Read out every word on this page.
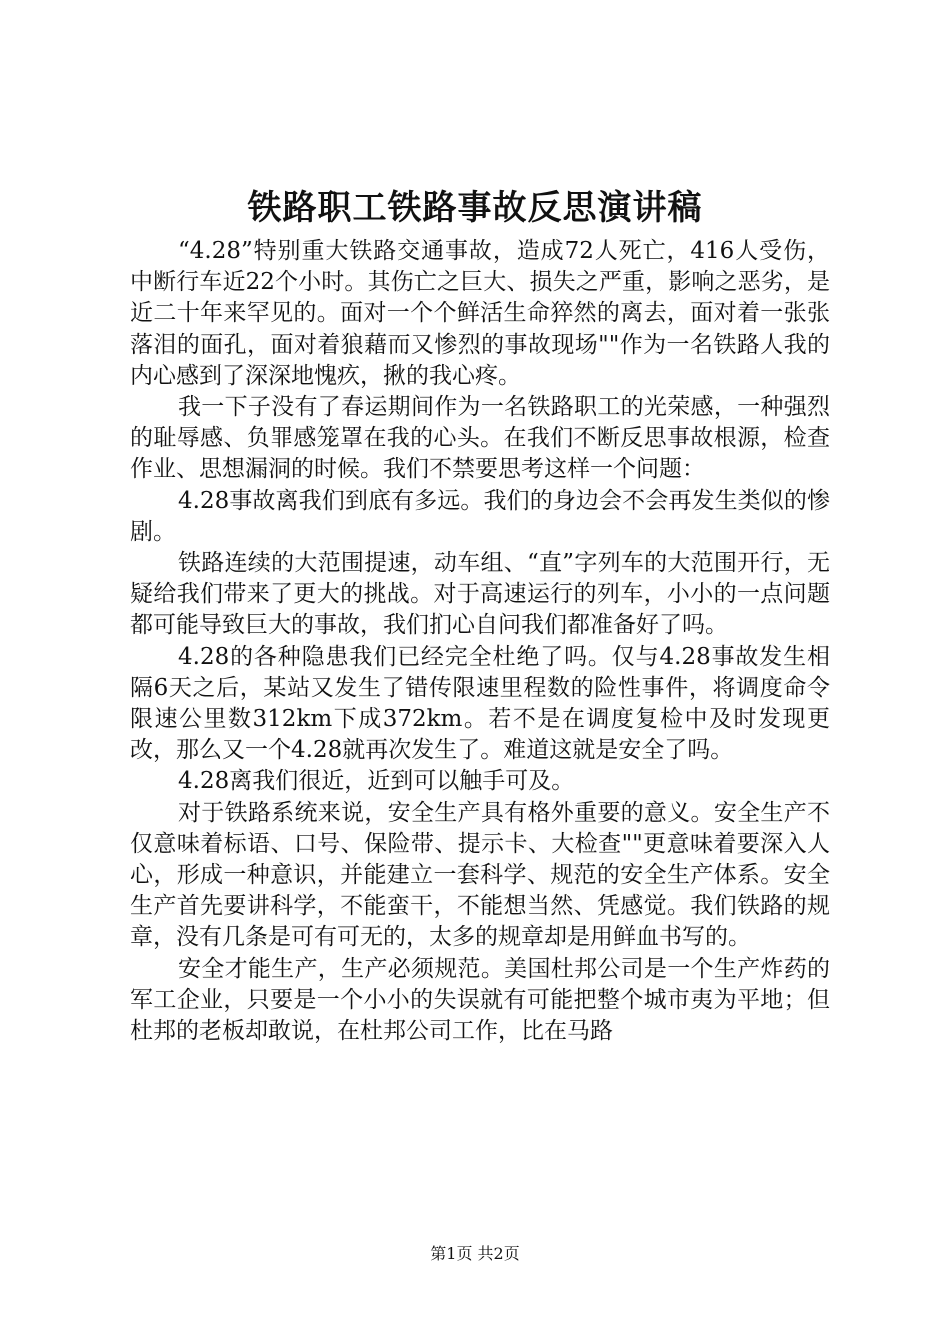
铁路职工铁路事故反思演讲稿

“4.28”特别重大铁路交通事故，造成72人死亡，416人受伤，中断行车近22个小时。其伤亡之巨大、损失之严重，影响之恶劣，是近二十年来罕见的。面对一个个鲜活生命猝然的离去，面对着一张张落泪的面孔，面对着狼藉而又惨烈的事故现场""作为一名铁路人我的内心感到了深深地愧疚，揪的我心疼。

我一下子没有了春运期间作为一名铁路职工的光荣感，一种强烈的耻辱感、负罪感笼罩在我的心头。在我们不断反思事故根源，检查作业、思想漏洞的时候。我们不禁要思考这样一个问题：

4.28事故离我们到底有多远。我们的身边会不会再发生类似的惨剧。

铁路连续的大范围提速，动车组、“直”字列车的大范围开行，无疑给我们带来了更大的挑战。对于高速运行的列车，小小的一点问题都可能导致巨大的事故，我们扪心自问我们都准备好了吗。

4.28的各种隐患我们已经完全杜绝了吗。仅与4.28事故发生相隔6天之后，某站又发生了错传限速里程数的险性事件，将调度命令限速公里数312km下成372km。若不是在调度复检中及时发现更改，那么又一个4.28就再次发生了。难道这就是安全了吗。

4.28离我们很近，近到可以触手可及。

对于铁路系统来说，安全生产具有格外重要的意义。安全生产不仅意味着标语、口号、保险带、提示卡、大检查""更意味着要深入人心，形成一种意识，并能建立一套科学、规范的安全生产体系。安全生产首先要讲科学，不能蛮干，不能想当然、凭感觉。我们铁路的规章，没有几条是可有可无的，太多的规章却是用鲜血书写的。

安全才能生产，生产必须规范。美国杜邦公司是一个生产炸药的军工企业，只要是一个小小的失误就有可能把整个城市夷为平地；但杜邦的老板却敢说，在杜邦公司工作，比在马路

第1页 共2页
